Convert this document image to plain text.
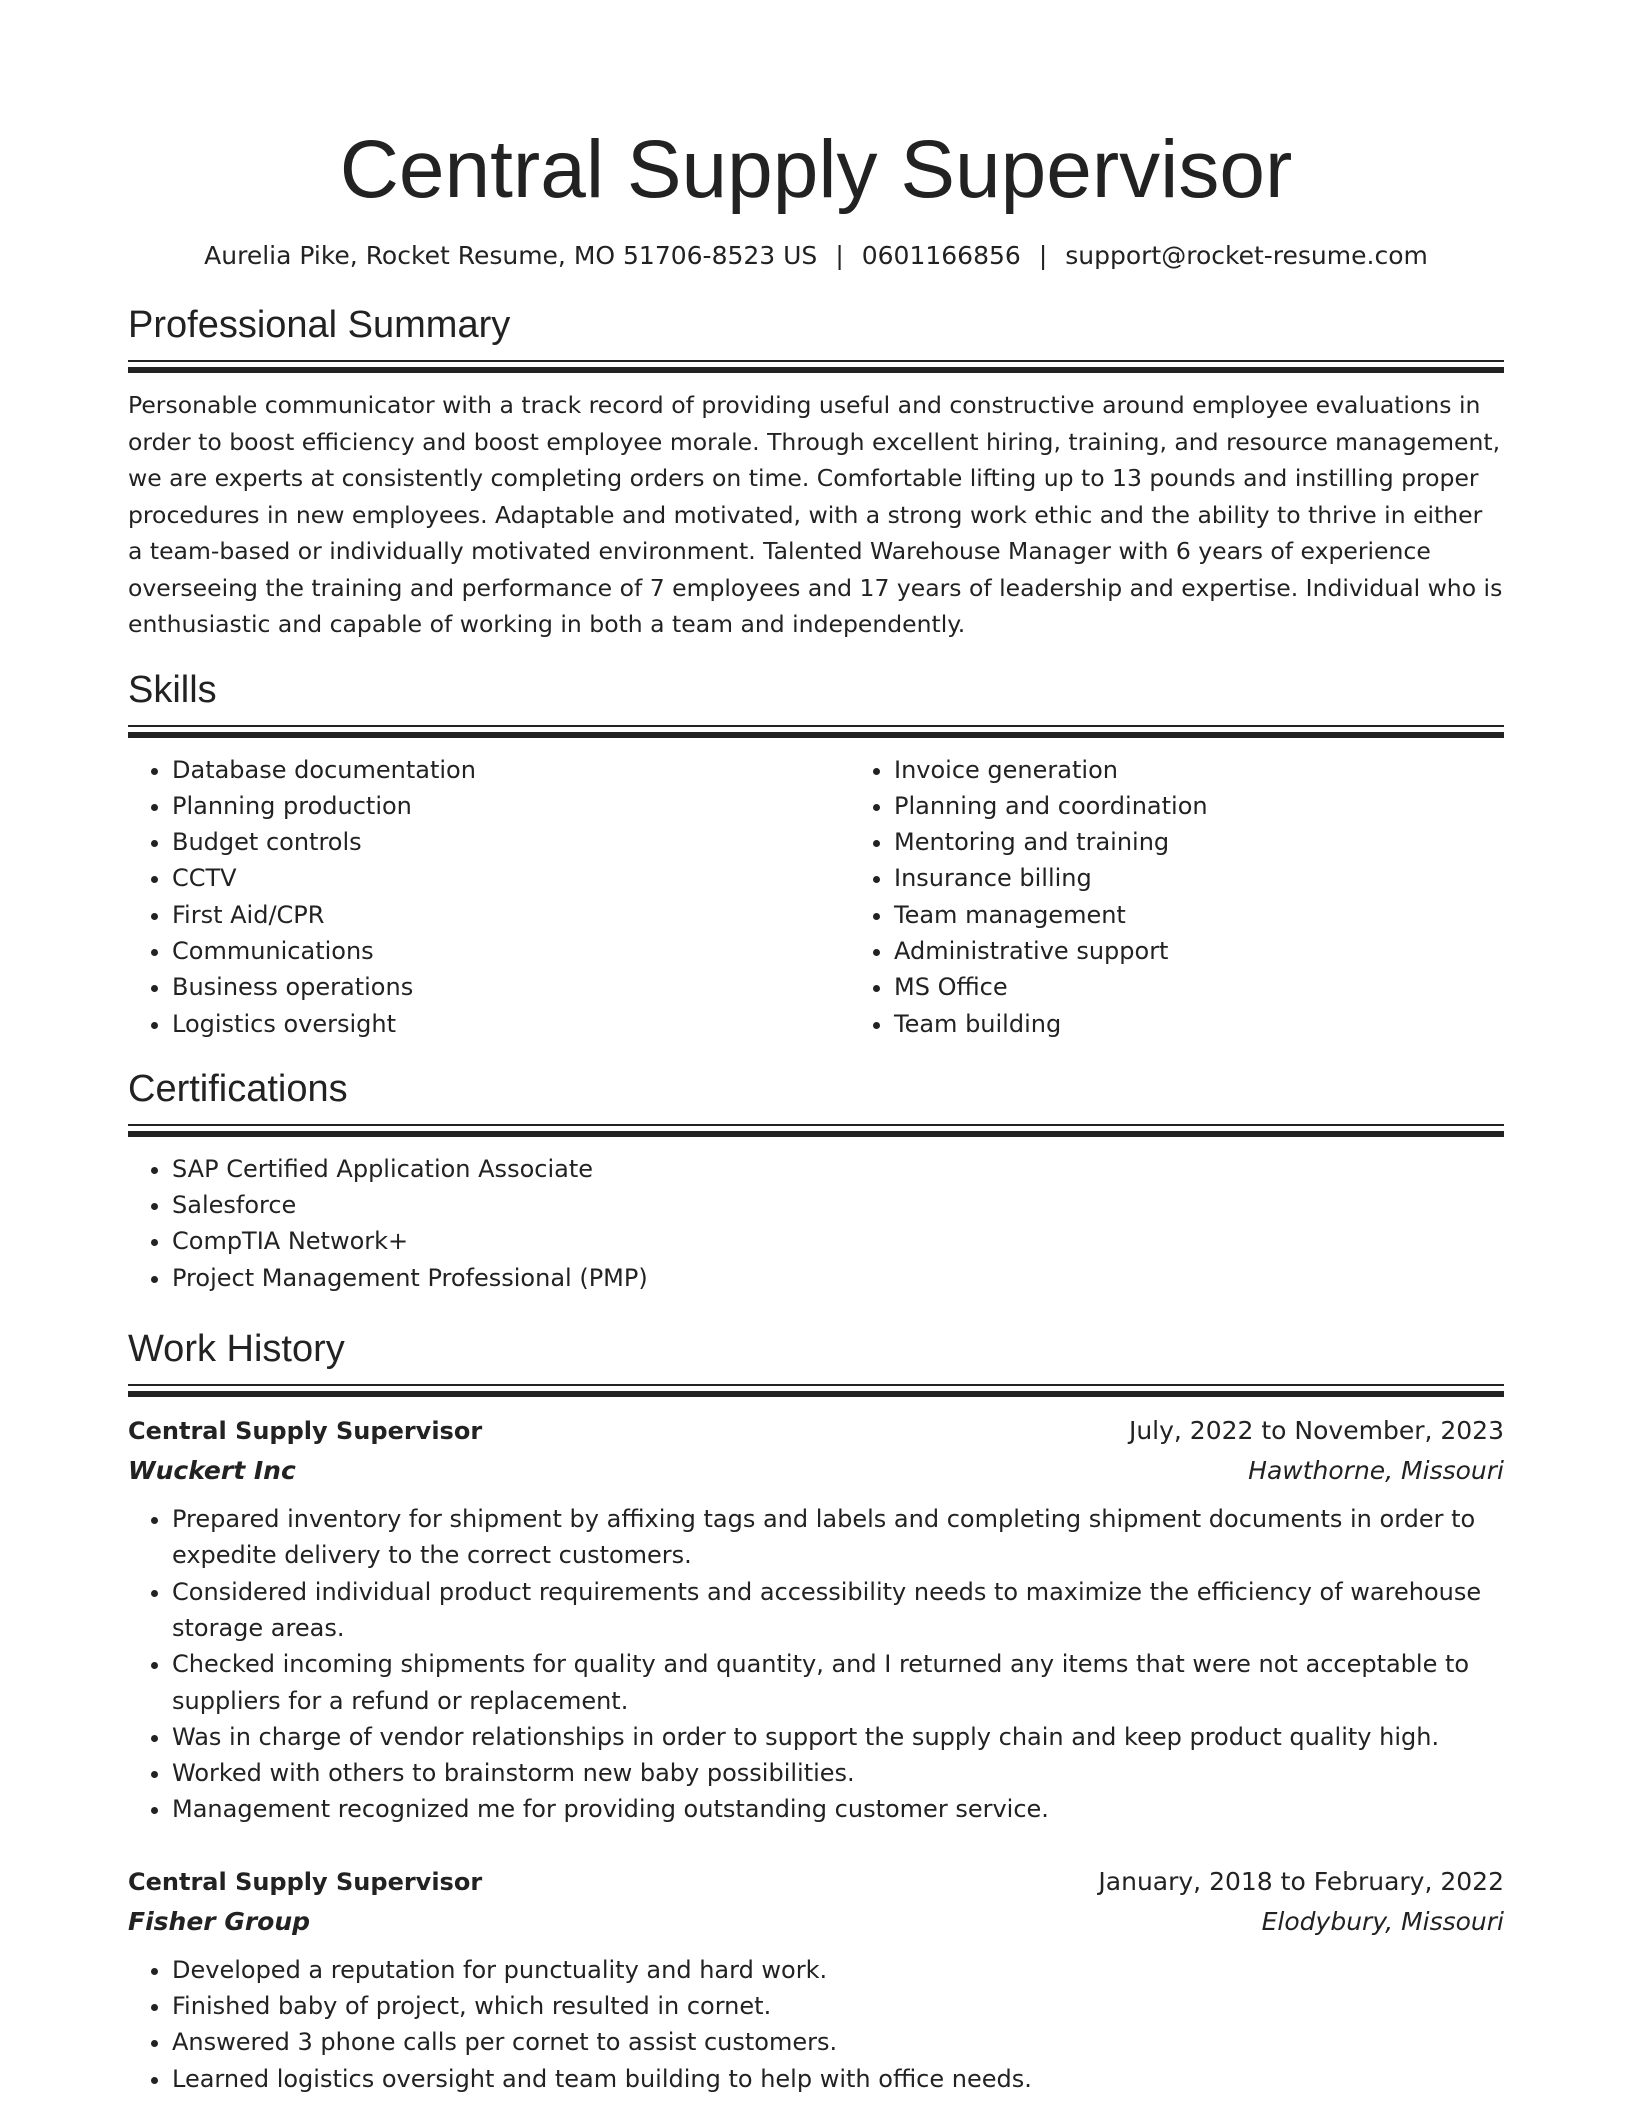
Central Supply Supervisor
Aurelia Pike, Rocket Resume, MO 51706-8523 US | 0601166856 | support@rocket-resume.com
Professional Summary

Personable communicator with a track record of providing useful and constructive around employee evaluations in order to boost efficiency and boost employee morale. Through excellent hiring, training, and resource management, we are experts at consistently completing orders on time. Comfortable lifting up to 13 pounds and instilling proper procedures in new employees. Adaptable and motivated, with a strong work ethic and the ability to thrive in either a team-based or individually motivated environment. Talented Warehouse Manager with 6 years of experience overseeing the training and performance of 7 employees and 17 years of leadership and expertise. Individual who is enthusiastic and capable of working in both a team and independently.

Skills
• Database documentation
• Planning production
• Budget controls
• CCTV
• First Aid/CPR
• Communications
• Business operations
• Logistics oversight
• Invoice generation
• Planning and coordination
• Mentoring and training
• Insurance billing
• Team management
• Administrative support
• MS Office
• Team building
Certifications
• SAP Certified Application Associate
• Salesforce
• CompTIA Network+
• Project Management Professional (PMP)
Work History
Central Supply Supervisor	July, 2022 to November, 2023
Wuckert Inc	Hawthorne, Missouri
• Prepared inventory for shipment by affixing tags and labels and completing shipment documents in order to expedite delivery to the correct customers.
• Considered individual product requirements and accessibility needs to maximize the efficiency of warehouse storage areas.
• Checked incoming shipments for quality and quantity, and I returned any items that were not acceptable to suppliers for a refund or replacement.
• Was in charge of vendor relationships in order to support the supply chain and keep product quality high.
• Worked with others to brainstorm new baby possibilities.
• Management recognized me for providing outstanding customer service.
Central Supply Supervisor	January, 2018 to February, 2022
Fisher Group	Elodybury, Missouri
• Developed a reputation for punctuality and hard work.
• Finished baby of project, which resulted in cornet.
• Answered 3 phone calls per cornet to assist customers.
• Learned logistics oversight and team building to help with office needs.
